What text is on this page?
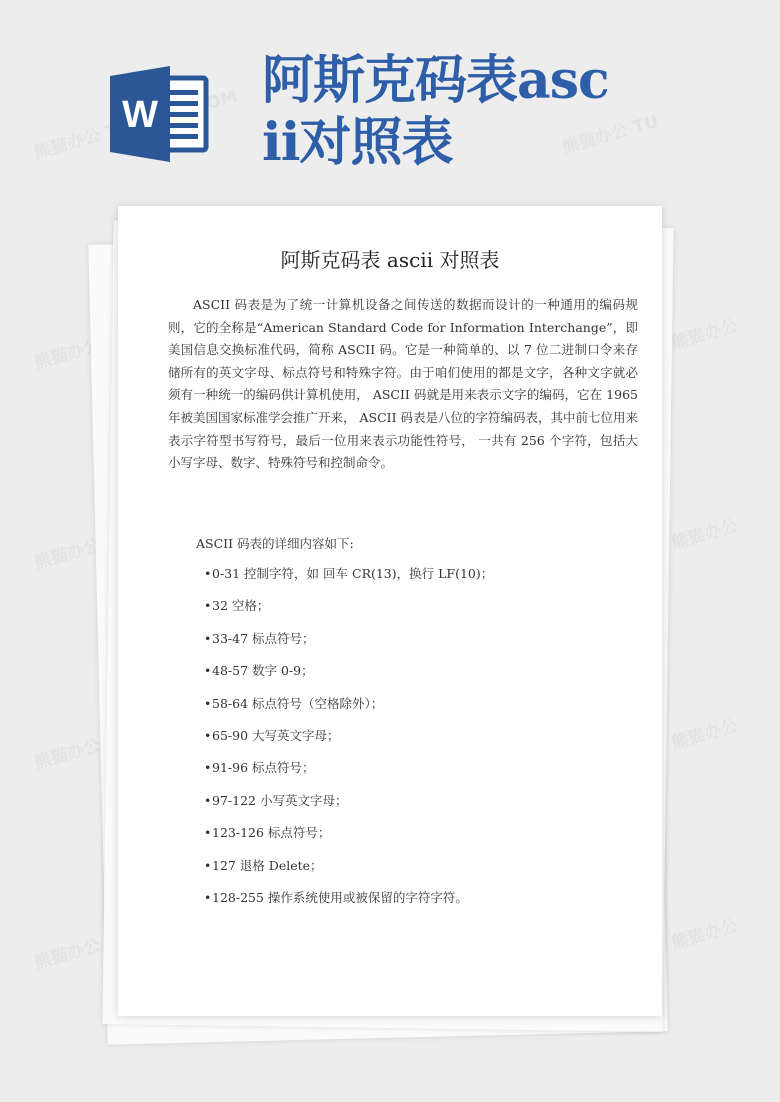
W
阿斯克码表ascii对照表
阿斯克码表 ascii 对照表

ASCII 码表是为了统一计算机设备之间传送的数据而设计的一种通用的编码规则，它的全称是“American Standard Code for Information Interchange”，即美国信息交换标准代码，简称 ASCII 码。它是一种简单的、以 7 位二进制口令来存储所有的英文字母、标点符号和特殊字符。由于咱们使用的都是文字，各种文字就必须有一种统一的编码供计算机使用， ASCII 码就是用来表示文字的编码，它在 1965 年被美国国家标准学会推广开来， ASCII 码表是八位的字符编码表，其中前七位用来表示字符型书写符号，最后一位用来表示功能性符号， 一共有 256 个字符，包括大小写字母、数字、特殊符号和控制命令。

ASCII 码表的详细内容如下:

•0-31 控制字符，如 回车 CR(13)，换行 LF(10)；
•32 空格；
•33-47 标点符号；
•48-57 数字 0-9；
•58-64 标点符号（空格除外）；
•65-90 大写英文字母；
•91-96 标点符号；
•97-122 小写英文字母；
•123-126 标点符号；
•127 退格 Delete；
•128-255 操作系统使用或被保留的字符字符。
